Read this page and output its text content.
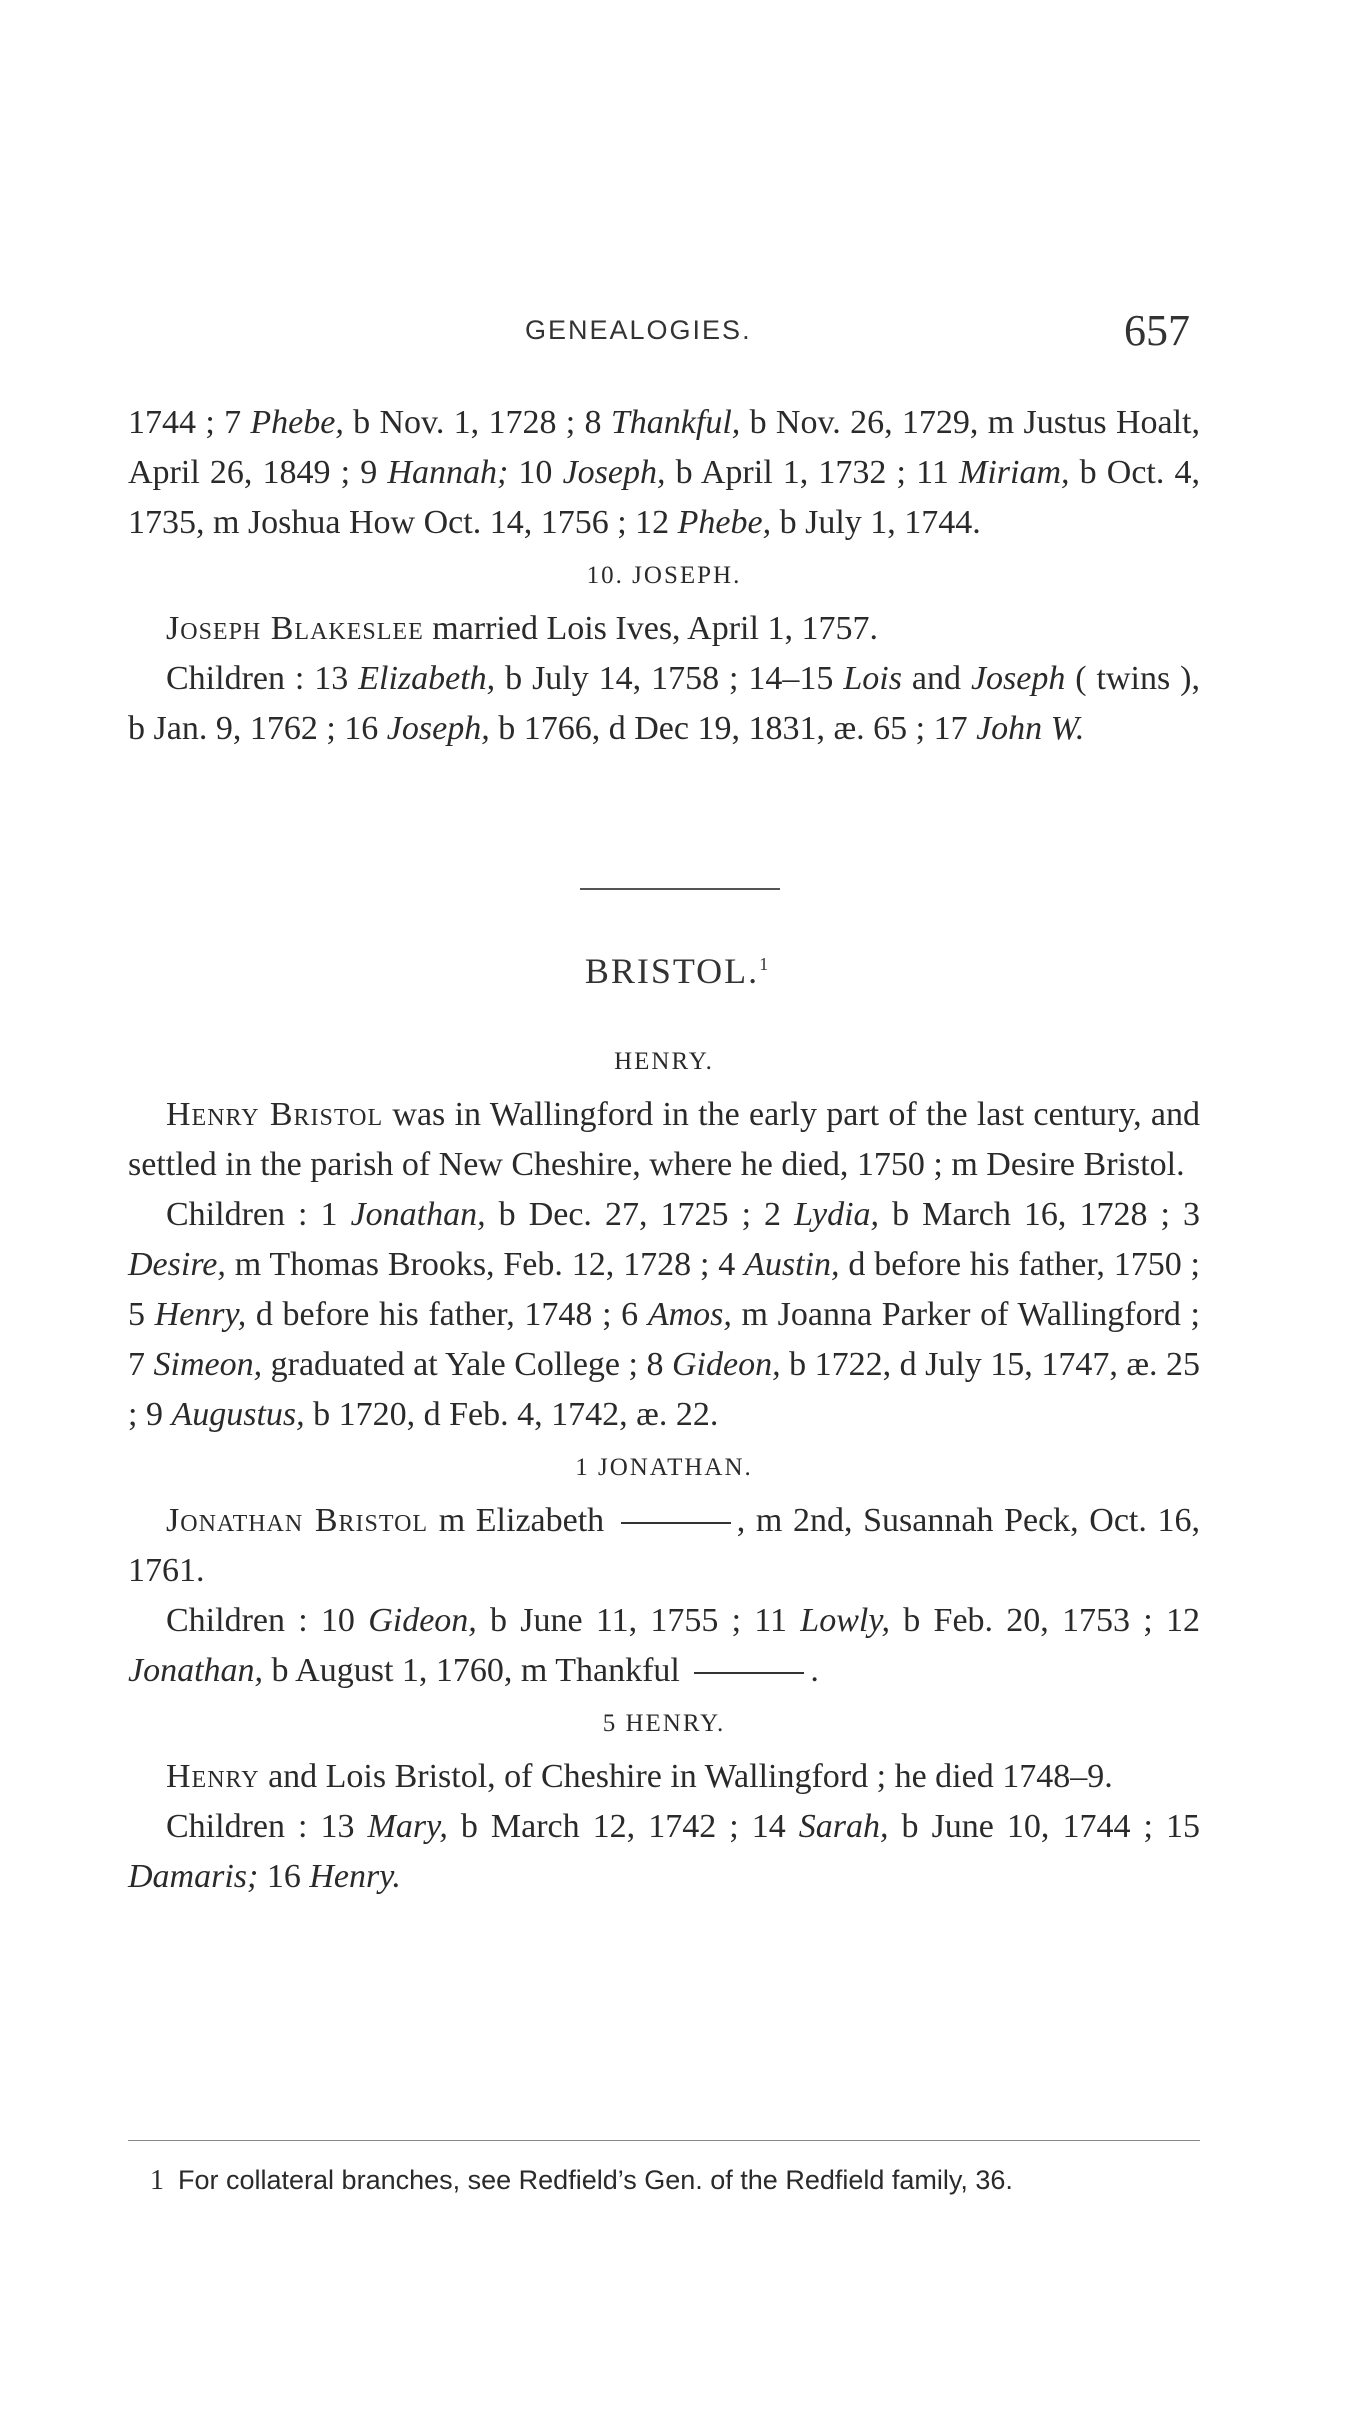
GENEALOGIES.	657

1744 ; 7 Phebe, b Nov. 1, 1728 ; 8 Thankful, b Nov. 26, 1729, m Justus Hoalt, April 26, 1849 ; 9 Hannah; 10 Joseph, b April 1, 1732 ; 11 Miriam, b Oct. 4, 1735, m Joshua How Oct. 14, 1756 ; 12 Phebe, b July 1, 1744.

10. JOSEPH.

Joseph Blakeslee married Lois Ives, April 1, 1757.

Children : 13 Elizabeth, b July 14, 1758 ; 14–15 Lois and Joseph ( twins ), b Jan. 9, 1762 ; 16 Joseph, b 1766, d Dec 19, 1831, æ. 65 ; 17 John W.

BRISTOL.$^1$

HENRY.

Henry Bristol was in Wallingford in the early part of the last century, and settled in the parish of New Cheshire, where he died, 1750 ; m Desire Bristol.

Children : 1 Jonathan, b Dec. 27, 1725 ; 2 Lydia, b March 16, 1728 ; 3 Desire, m Thomas Brooks, Feb. 12, 1728 ; 4 Austin, d before his father, 1750 ; 5 Henry, d before his father, 1748 ; 6 Amos, m Joanna Parker of Wallingford ; 7 Simeon, graduated at Yale College ; 8 Gideon, b 1722, d July 15, 1747, æ. 25 ; 9 Augustus, b 1720, d Feb. 4, 1742, æ. 22.

1 JONATHAN.

Jonathan Bristol m Elizabeth	, m 2nd, Susannah Peck, Oct. 16, 1761.

Children : 10 Gideon, b June 11, 1755 ; 11 Lowly, b Feb. 20, 1753 ; 12 Jonathan, b August 1, 1760, m Thankful	.

5 HENRY.

Henry and Lois Bristol, of Cheshire in Wallingford ; he died 1748–9.

Children : 13 Mary, b March 12, 1742 ; 14 Sarah, b June 10, 1744 ; 15 Damaris; 16 Henry.

1 For collateral branches, see Redfield’s Gen. of the Redfield family, 36.
